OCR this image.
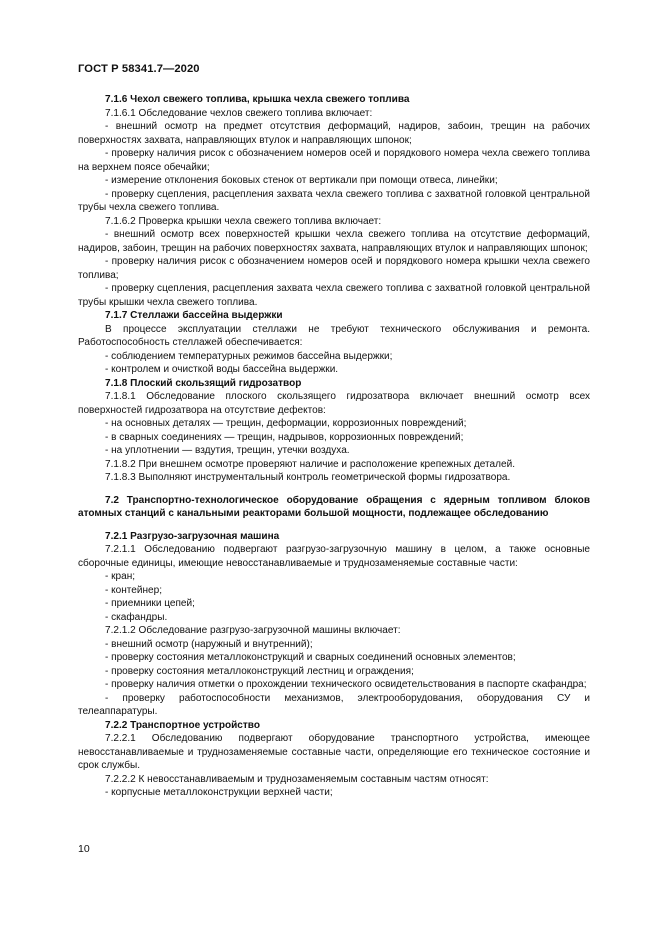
ГОСТ Р 58341.7—2020

7.1.6 Чехол свежего топлива, крышка чехла свежего топлива

7.1.6.1 Обследование чехлов свежего топлива включает:

- внешний осмотр на предмет отсутствия деформаций, надиров, забоин, трещин на рабочих поверхностях захвата, направляющих втулок и направляющих шпонок;

- проверку наличия рисок с обозначением номеров осей и порядкового номера чехла свежего топлива на верхнем поясе обечайки;

- измерение отклонения боковых стенок от вертикали при помощи отвеса, линейки;

- проверку сцепления, расцепления захвата чехла свежего топлива с захватной головкой центральной трубы чехла свежего топлива.

7.1.6.2 Проверка крышки чехла свежего топлива включает:

- внешний осмотр всех поверхностей крышки чехла свежего топлива на отсутствие деформаций, надиров, забоин, трещин на рабочих поверхностях захвата, направляющих втулок и направляющих шпонок;

- проверку наличия рисок с обозначением номеров осей и порядкового номера крышки чехла свежего топлива;

- проверку сцепления, расцепления захвата чехла свежего топлива с захватной головкой центральной трубы крышки чехла свежего топлива.

7.1.7 Стеллажи бассейна выдержки

В процессе эксплуатации стеллажи не требуют технического обслуживания и ремонта. Работоспособность стеллажей обеспечивается:

- соблюдением температурных режимов бассейна выдержки;

- контролем и очисткой воды бассейна выдержки.

7.1.8 Плоский скользящий гидрозатвор

7.1.8.1 Обследование плоского скользящего гидрозатвора включает внешний осмотр всех поверхностей гидрозатвора на отсутствие дефектов:

- на основных деталях — трещин, деформации, коррозионных повреждений;

- в сварных соединениях — трещин, надрывов, коррозионных повреждений;

- на уплотнении — вздутия, трещин, утечки воздуха.

7.1.8.2 При внешнем осмотре проверяют наличие и расположение крепежных деталей.

7.1.8.3 Выполняют инструментальный контроль геометрической формы гидрозатвора.

7.2 Транспортно-технологическое оборудование обращения с ядерным топливом блоков атомных станций с канальными реакторами большой мощности, подлежащее обследованию

7.2.1 Разгрузо-загрузочная машина

7.2.1.1 Обследованию подвергают разгрузо-загрузочную машину в целом, а также основные сборочные единицы, имеющие невосстанавливаемые и труднозаменяемые составные части:

- кран;

- контейнер;

- приемники цепей;

- скафандры.

7.2.1.2 Обследование разгрузо-загрузочной машины включает:

- внешний осмотр (наружный и внутренний);

- проверку состояния металлоконструкций и сварных соединений основных элементов;

- проверку состояния металлоконструкций лестниц и ограждения;

- проверку наличия отметки о прохождении технического освидетельствования в паспорте скафандра;

- проверку работоспособности механизмов, электрооборудования, оборудования СУ и телеаппаратуры.

7.2.2 Транспортное устройство

7.2.2.1 Обследованию подвергают оборудование транспортного устройства, имеющее невосстанавливаемые и труднозаменяемые составные части, определяющие его техническое состояние и срок службы.

7.2.2.2 К невосстанавливаемым и труднозаменяемым составным частям относят:

- корпусные металлоконструкции верхней части;

10
